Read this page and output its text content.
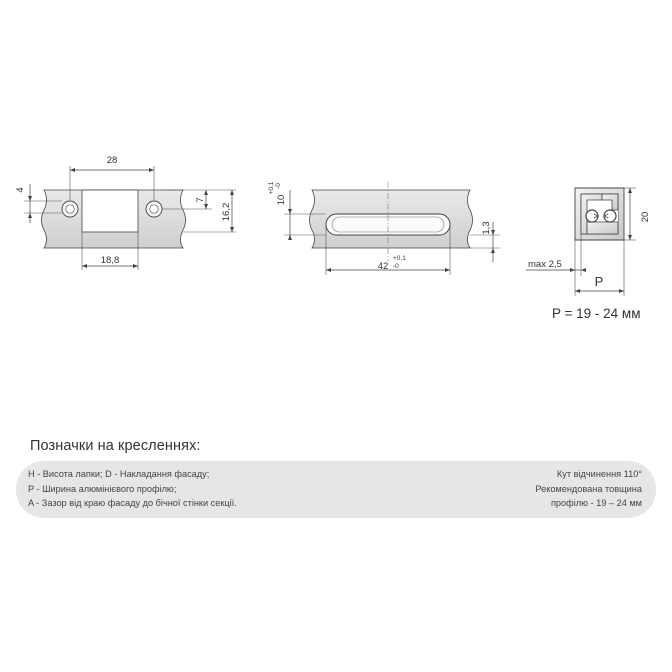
28
18,8
4
7
16,2
10
+0,1 -0
1,3
42
+0,1
-0
20
max 2,5
P
P = 19 - 24 мм
Позначки на кресленнях:
H - Висота лапки; D - Накладання фасаду;
P - Ширина алюмінієвого профілю;
A - Зазор від краю фасаду до бічної стінки секції.
Кут відчинення 110°
Рекомендована товщина
профілю - 19 – 24 мм
